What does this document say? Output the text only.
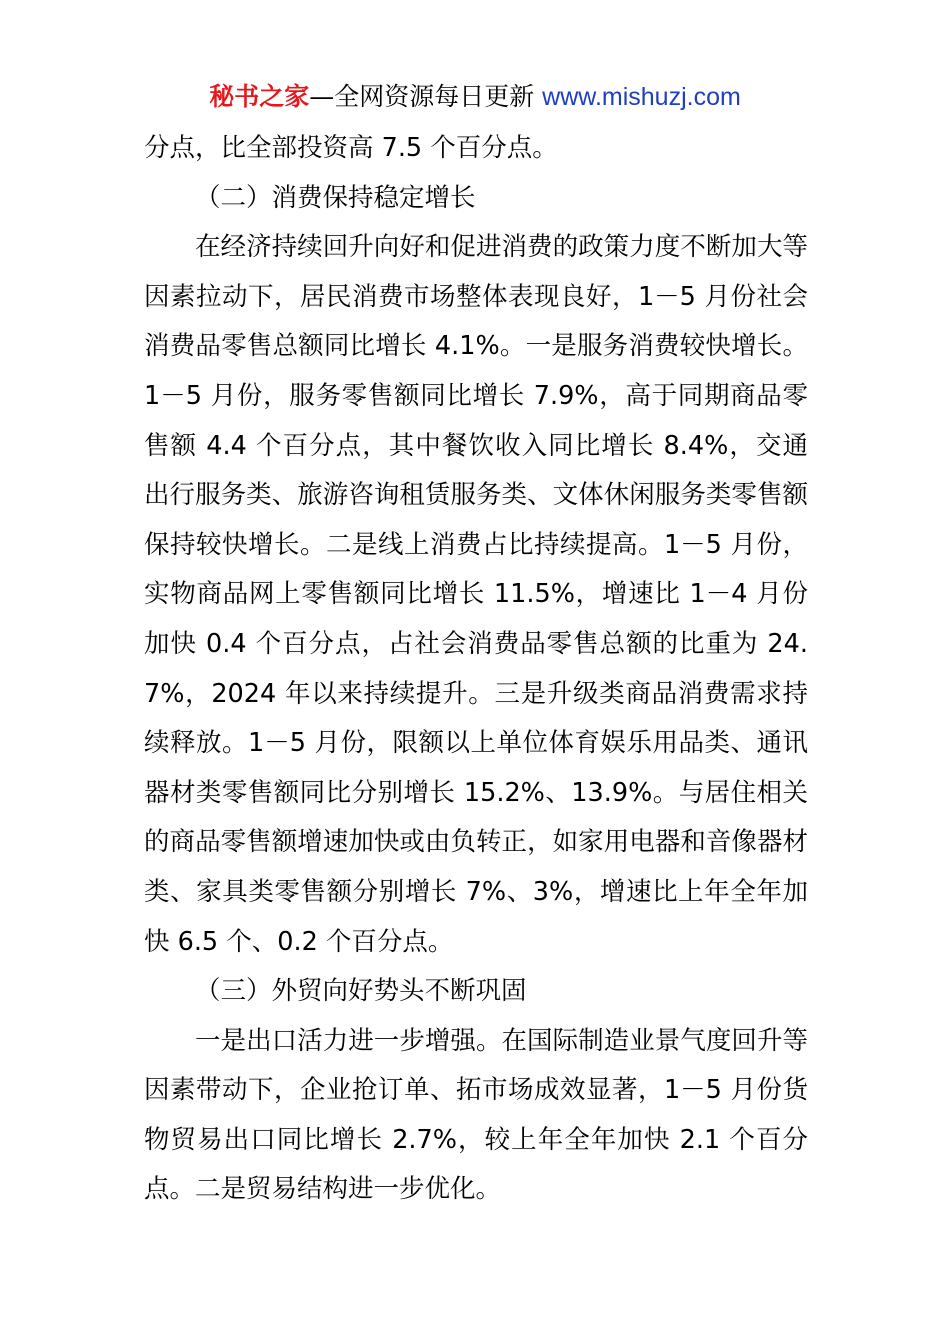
秘书之家—全网资源每日更新 www.mishuzj.com

分点，比全部投资高 7.5 个百分点。

（二）消费保持稳定增长

在经济持续回升向好和促进消费的政策力度不断加大等因素拉动下，居民消费市场整体表现良好，1－5 月份社会消费品零售总额同比增长 4.1%。一是服务消费较快增长。1－5 月份，服务零售额同比增长 7.9%，高于同期商品零售额 4.4 个百分点，其中餐饮收入同比增长 8.4%，交通出行服务类、旅游咨询租赁服务类、文体休闲服务类零售额保持较快增长。二是线上消费占比持续提高。1－5 月份，实物商品网上零售额同比增长 11.5%，增速比 1－4 月份加快 0.4 个百分点，占社会消费品零售总额的比重为 24.7%，2024 年以来持续提升。三是升级类商品消费需求持续释放。1－5 月份，限额以上单位体育娱乐用品类、通讯器材类零售额同比分别增长 15.2%、13.9%。与居住相关的商品零售额增速加快或由负转正，如家用电器和音像器材类、家具类零售额分别增长 7%、3%，增速比上年全年加快 6.5 个、0.2 个百分点。

（三）外贸向好势头不断巩固

一是出口活力进一步增强。在国际制造业景气度回升等因素带动下，企业抢订单、拓市场成效显著，1－5 月份货物贸易出口同比增长 2.7%，较上年全年加快 2.1 个百分点。二是贸易结构进一步优化。
